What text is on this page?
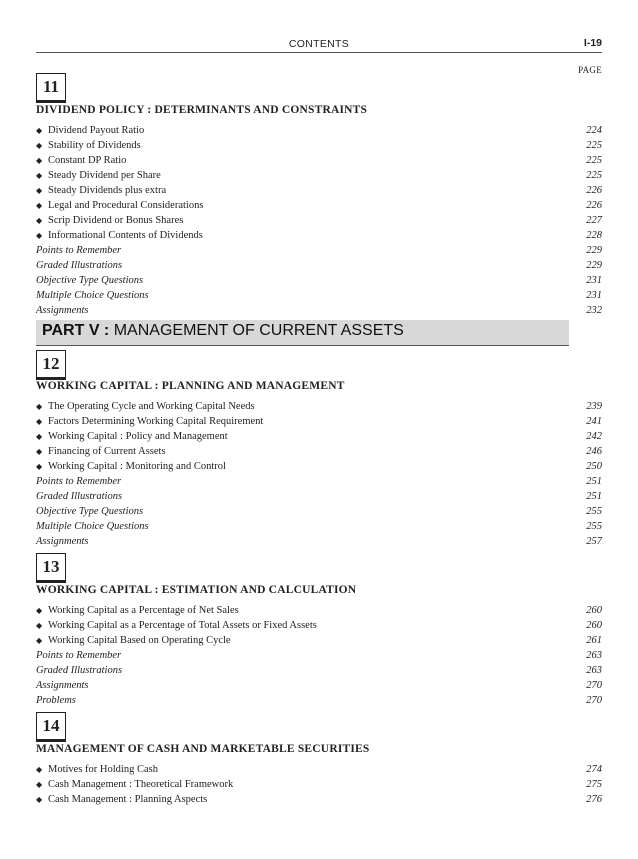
CONTENTS	I-19
PAGE
PART V : MANAGEMENT OF CURRENT ASSETS
11
DIVIDEND POLICY : DETERMINANTS AND CONSTRAINTS
◆ Dividend Payout Ratio	224
◆ Stability of Dividends	225
◆ Constant DP Ratio	225
◆ Steady Dividend per Share	225
◆ Steady Dividends plus extra	226
◆ Legal and Procedural Considerations	226
◆ Scrip Dividend or Bonus Shares	227
◆ Informational Contents of Dividends	228
Points to Remember	229
Graded Illustrations	229
Objective Type Questions	231
Multiple Choice Questions	231
Assignments	232
12
WORKING CAPITAL : PLANNING AND MANAGEMENT
◆ The Operating Cycle and Working Capital Needs	239
◆ Factors Determining Working Capital Requirement	241
◆ Working Capital : Policy and Management	242
◆ Financing of Current Assets	246
◆ Working Capital : Monitoring and Control	250
Points to Remember	251
Graded Illustrations	251
Objective Type Questions	255
Multiple Choice Questions	255
Assignments	257
13
WORKING CAPITAL : ESTIMATION AND CALCULATION
◆ Working Capital as a Percentage of Net Sales	260
◆ Working Capital as a Percentage of Total Assets or Fixed Assets	260
◆ Working Capital Based on Operating Cycle	261
Points to Remember	263
Graded Illustrations	263
Assignments	270
Problems	270
14
MANAGEMENT OF CASH AND MARKETABLE SECURITIES
◆ Motives for Holding Cash	274
◆ Cash Management : Theoretical Framework	275
◆ Cash Management : Planning Aspects	276
